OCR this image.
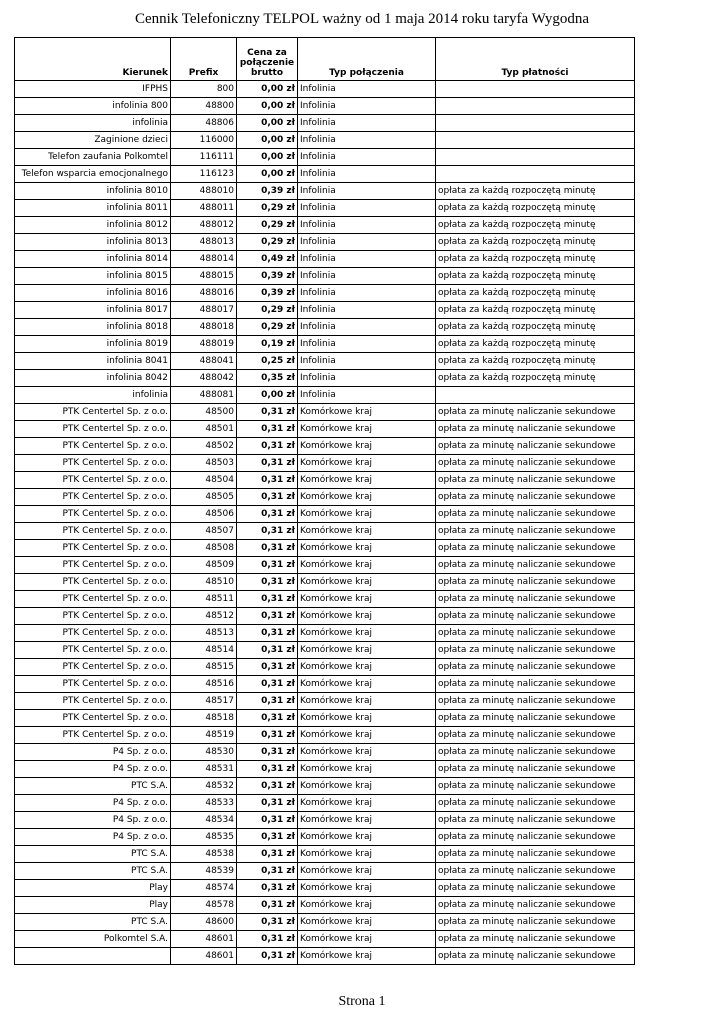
Cennik Telefoniczny TELPOL ważny od 1 maja 2014 roku taryfa Wygodna
Kierunek	Prefix	Cena za połączenie brutto	Typ połączenia	Typ płatności
IFPHS	800	0,00 zł	Infolinia	
infolinia 800	48800	0,00 zł	Infolinia	
infolinia	48806	0,00 zł	Infolinia	
Zaginione dzieci	116000	0,00 zł	Infolinia	
Telefon zaufania Polkomtel	116111	0,00 zł	Infolinia	
Telefon wsparcia emocjonalnego	116123	0,00 zł	Infolinia	
infolinia 8010	488010	0,39 zł	Infolinia	opłata za każdą rozpoczętą minutę
infolinia 8011	488011	0,29 zł	Infolinia	opłata za każdą rozpoczętą minutę
infolinia 8012	488012	0,29 zł	Infolinia	opłata za każdą rozpoczętą minutę
infolinia 8013	488013	0,29 zł	Infolinia	opłata za każdą rozpoczętą minutę
infolinia 8014	488014	0,49 zł	Infolinia	opłata za każdą rozpoczętą minutę
infolinia 8015	488015	0,39 zł	Infolinia	opłata za każdą rozpoczętą minutę
infolinia 8016	488016	0,39 zł	Infolinia	opłata za każdą rozpoczętą minutę
infolinia 8017	488017	0,29 zł	Infolinia	opłata za każdą rozpoczętą minutę
infolinia 8018	488018	0,29 zł	Infolinia	opłata za każdą rozpoczętą minutę
infolinia 8019	488019	0,19 zł	Infolinia	opłata za każdą rozpoczętą minutę
infolinia 8041	488041	0,25 zł	Infolinia	opłata za każdą rozpoczętą minutę
infolinia 8042	488042	0,35 zł	Infolinia	opłata za każdą rozpoczętą minutę
infolinia	488081	0,00 zł	Infolinia	
PTK Centertel Sp. z o.o.	48500	0,31 zł	Komórkowe kraj	opłata za minutę naliczanie sekundowe
PTK Centertel Sp. z o.o.	48501	0,31 zł	Komórkowe kraj	opłata za minutę naliczanie sekundowe
PTK Centertel Sp. z o.o.	48502	0,31 zł	Komórkowe kraj	opłata za minutę naliczanie sekundowe
PTK Centertel Sp. z o.o.	48503	0,31 zł	Komórkowe kraj	opłata za minutę naliczanie sekundowe
PTK Centertel Sp. z o.o.	48504	0,31 zł	Komórkowe kraj	opłata za minutę naliczanie sekundowe
PTK Centertel Sp. z o.o.	48505	0,31 zł	Komórkowe kraj	opłata za minutę naliczanie sekundowe
PTK Centertel Sp. z o.o.	48506	0,31 zł	Komórkowe kraj	opłata za minutę naliczanie sekundowe
PTK Centertel Sp. z o.o.	48507	0,31 zł	Komórkowe kraj	opłata za minutę naliczanie sekundowe
PTK Centertel Sp. z o.o.	48508	0,31 zł	Komórkowe kraj	opłata za minutę naliczanie sekundowe
PTK Centertel Sp. z o.o.	48509	0,31 zł	Komórkowe kraj	opłata za minutę naliczanie sekundowe
PTK Centertel Sp. z o.o.	48510	0,31 zł	Komórkowe kraj	opłata za minutę naliczanie sekundowe
PTK Centertel Sp. z o.o.	48511	0,31 zł	Komórkowe kraj	opłata za minutę naliczanie sekundowe
PTK Centertel Sp. z o.o.	48512	0,31 zł	Komórkowe kraj	opłata za minutę naliczanie sekundowe
PTK Centertel Sp. z o.o.	48513	0,31 zł	Komórkowe kraj	opłata za minutę naliczanie sekundowe
PTK Centertel Sp. z o.o.	48514	0,31 zł	Komórkowe kraj	opłata za minutę naliczanie sekundowe
PTK Centertel Sp. z o.o.	48515	0,31 zł	Komórkowe kraj	opłata za minutę naliczanie sekundowe
PTK Centertel Sp. z o.o.	48516	0,31 zł	Komórkowe kraj	opłata za minutę naliczanie sekundowe
PTK Centertel Sp. z o.o.	48517	0,31 zł	Komórkowe kraj	opłata za minutę naliczanie sekundowe
PTK Centertel Sp. z o.o.	48518	0,31 zł	Komórkowe kraj	opłata za minutę naliczanie sekundowe
PTK Centertel Sp. z o.o.	48519	0,31 zł	Komórkowe kraj	opłata za minutę naliczanie sekundowe
P4 Sp. z o.o.	48530	0,31 zł	Komórkowe kraj	opłata za minutę naliczanie sekundowe
P4 Sp. z o.o.	48531	0,31 zł	Komórkowe kraj	opłata za minutę naliczanie sekundowe
PTC S.A.	48532	0,31 zł	Komórkowe kraj	opłata za minutę naliczanie sekundowe
P4 Sp. z o.o.	48533	0,31 zł	Komórkowe kraj	opłata za minutę naliczanie sekundowe
P4 Sp. z o.o.	48534	0,31 zł	Komórkowe kraj	opłata za minutę naliczanie sekundowe
P4 Sp. z o.o.	48535	0,31 zł	Komórkowe kraj	opłata za minutę naliczanie sekundowe
PTC S.A.	48538	0,31 zł	Komórkowe kraj	opłata za minutę naliczanie sekundowe
PTC S.A.	48539	0,31 zł	Komórkowe kraj	opłata za minutę naliczanie sekundowe
Play	48574	0,31 zł	Komórkowe kraj	opłata za minutę naliczanie sekundowe
Play	48578	0,31 zł	Komórkowe kraj	opłata za minutę naliczanie sekundowe
PTC S.A.	48600	0,31 zł	Komórkowe kraj	opłata za minutę naliczanie sekundowe
Polkomtel S.A.	48601	0,31 zł	Komórkowe kraj	opłata za minutę naliczanie sekundowe
	48601	0,31 zł	Komórkowe kraj	opłata za minutę naliczanie sekundowe
Strona 1
